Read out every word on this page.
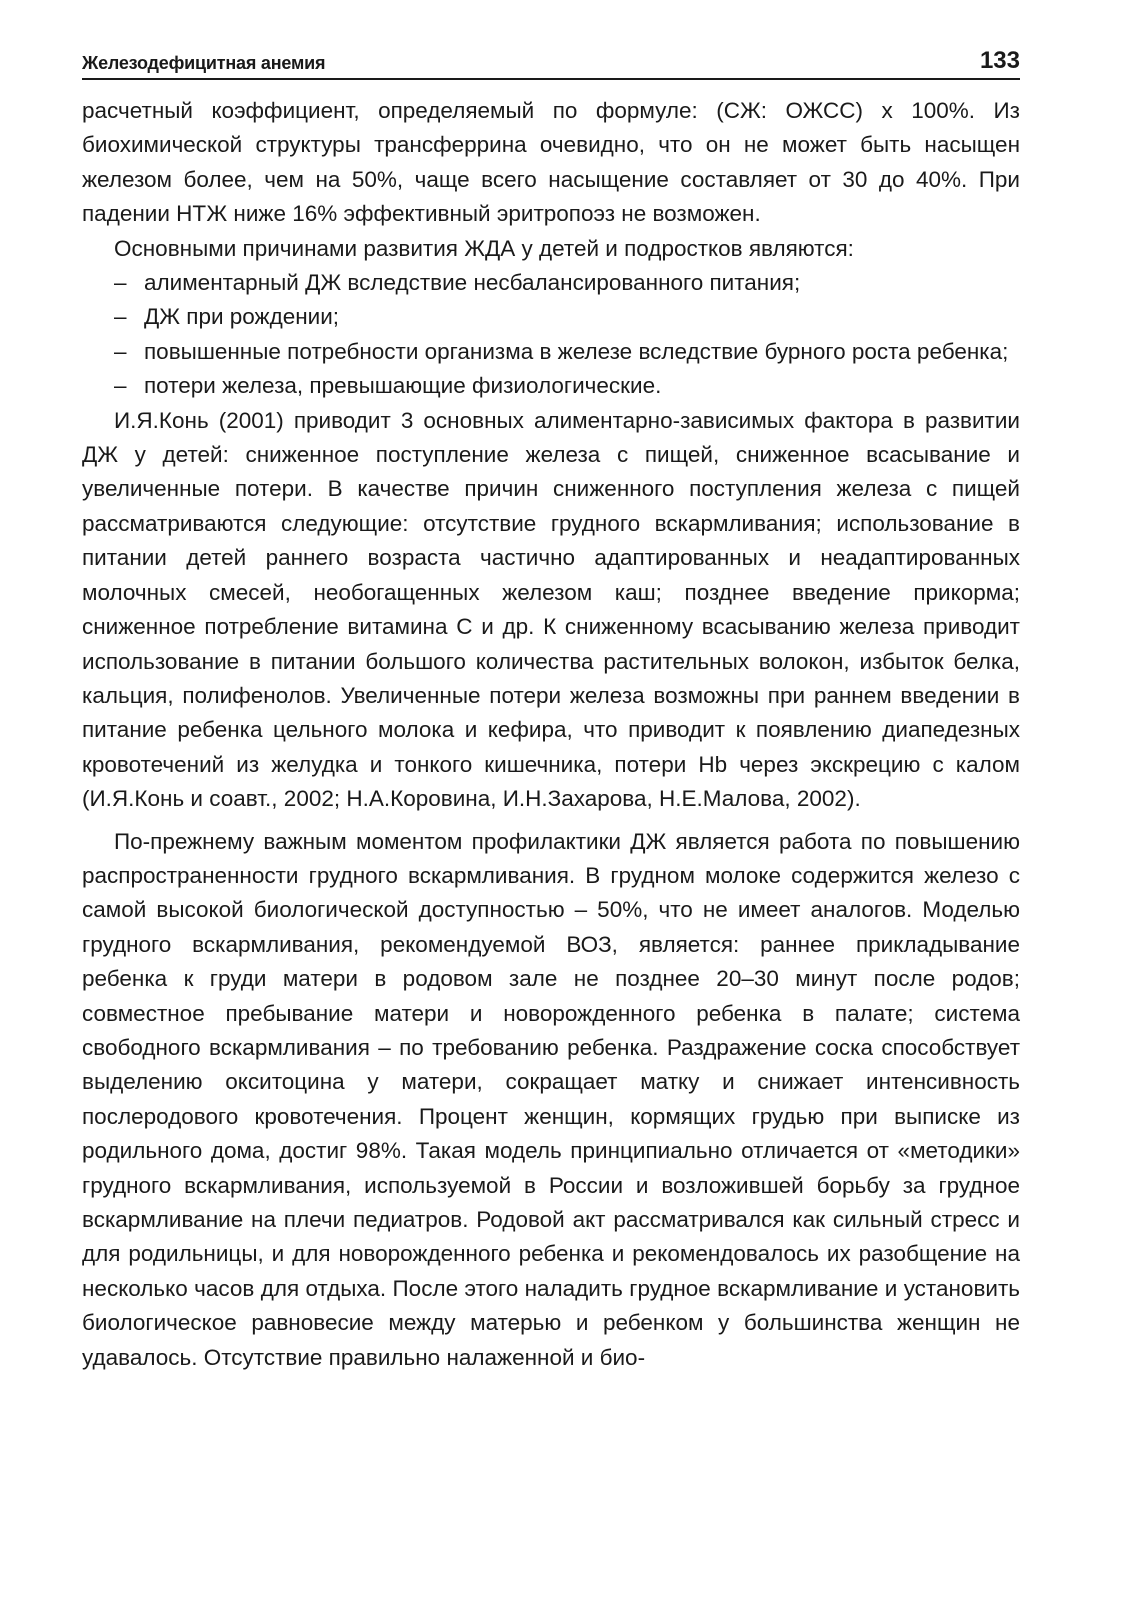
Железодефицитная анемия	133

расчетный коэффициент, определяемый по формуле: (СЖ: ОЖСС) х 100%. Из биохимической структуры трансферрина очевидно, что он не может быть насыщен железом более, чем на 50%, чаще всего насыщение составляет от 30 до 40%. При падении НТЖ ниже 16% эффективный эритропоэз не возможен.

Основными причинами развития ЖДА у детей и подростков являются:

– алиментарный ДЖ вследствие несбалансированного питания;
– ДЖ при рождении;
– повышенные потребности организма в железе вследствие бурного роста ребенка;
– потери железа, превышающие физиологические.

И.Я.Конь (2001) приводит 3 основных алиментарно-зависимых фактора в развитии ДЖ у детей: сниженное поступление железа с пищей, сниженное всасывание и увеличенные потери. В качестве причин сниженного поступления железа с пищей рассматриваются следующие: отсутствие грудного вскармливания; использование в питании детей раннего возраста частично адаптированных и неадаптированных молочных смесей, необогащенных железом каш; позднее введение прикорма; сниженное потребление витамина С и др. К сниженному всасыванию железа приводит использование в питании большого количества растительных волокон, избыток белка, кальция, полифенолов. Увеличенные потери железа возможны при раннем введении в питание ребенка цельного молока и кефира, что приводит к появлению диапедезных кровотечений из желудка и тонкого кишечника, потери Hb через экскрецию с калом (И.Я.Конь и соавт., 2002; Н.А.Коровина, И.Н.Захарова, Н.Е.Малова, 2002).

По-прежнему важным моментом профилактики ДЖ является работа по повышению распространенности грудного вскармливания. В грудном молоке содержится железо с самой высокой биологической доступностью – 50%, что не имеет аналогов. Моделью грудного вскармливания, рекомендуемой ВОЗ, является: раннее прикладывание ребенка к груди матери в родовом зале не позднее 20–30 минут после родов; совместное пребывание матери и новорожденного ребенка в палате; система свободного вскармливания – по требованию ребенка. Раздражение соска способствует выделению окситоцина у матери, сокращает матку и снижает интенсивность послеродового кровотечения. Процент женщин, кормящих грудью при выписке из родильного дома, достиг 98%. Такая модель принципиально отличается от «методики» грудного вскармливания, используемой в России и возложившей борьбу за грудное вскармливание на плечи педиатров. Родовой акт рассматривался как сильный стресс и для родильницы, и для новорожденного ребенка и рекомендовалось их разобщение на несколько часов для отдыха. После этого наладить грудное вскармливание и установить биологическое равновесие между матерью и ребенком у большинства женщин не удавалось. Отсутствие правильно налаженной и био-
